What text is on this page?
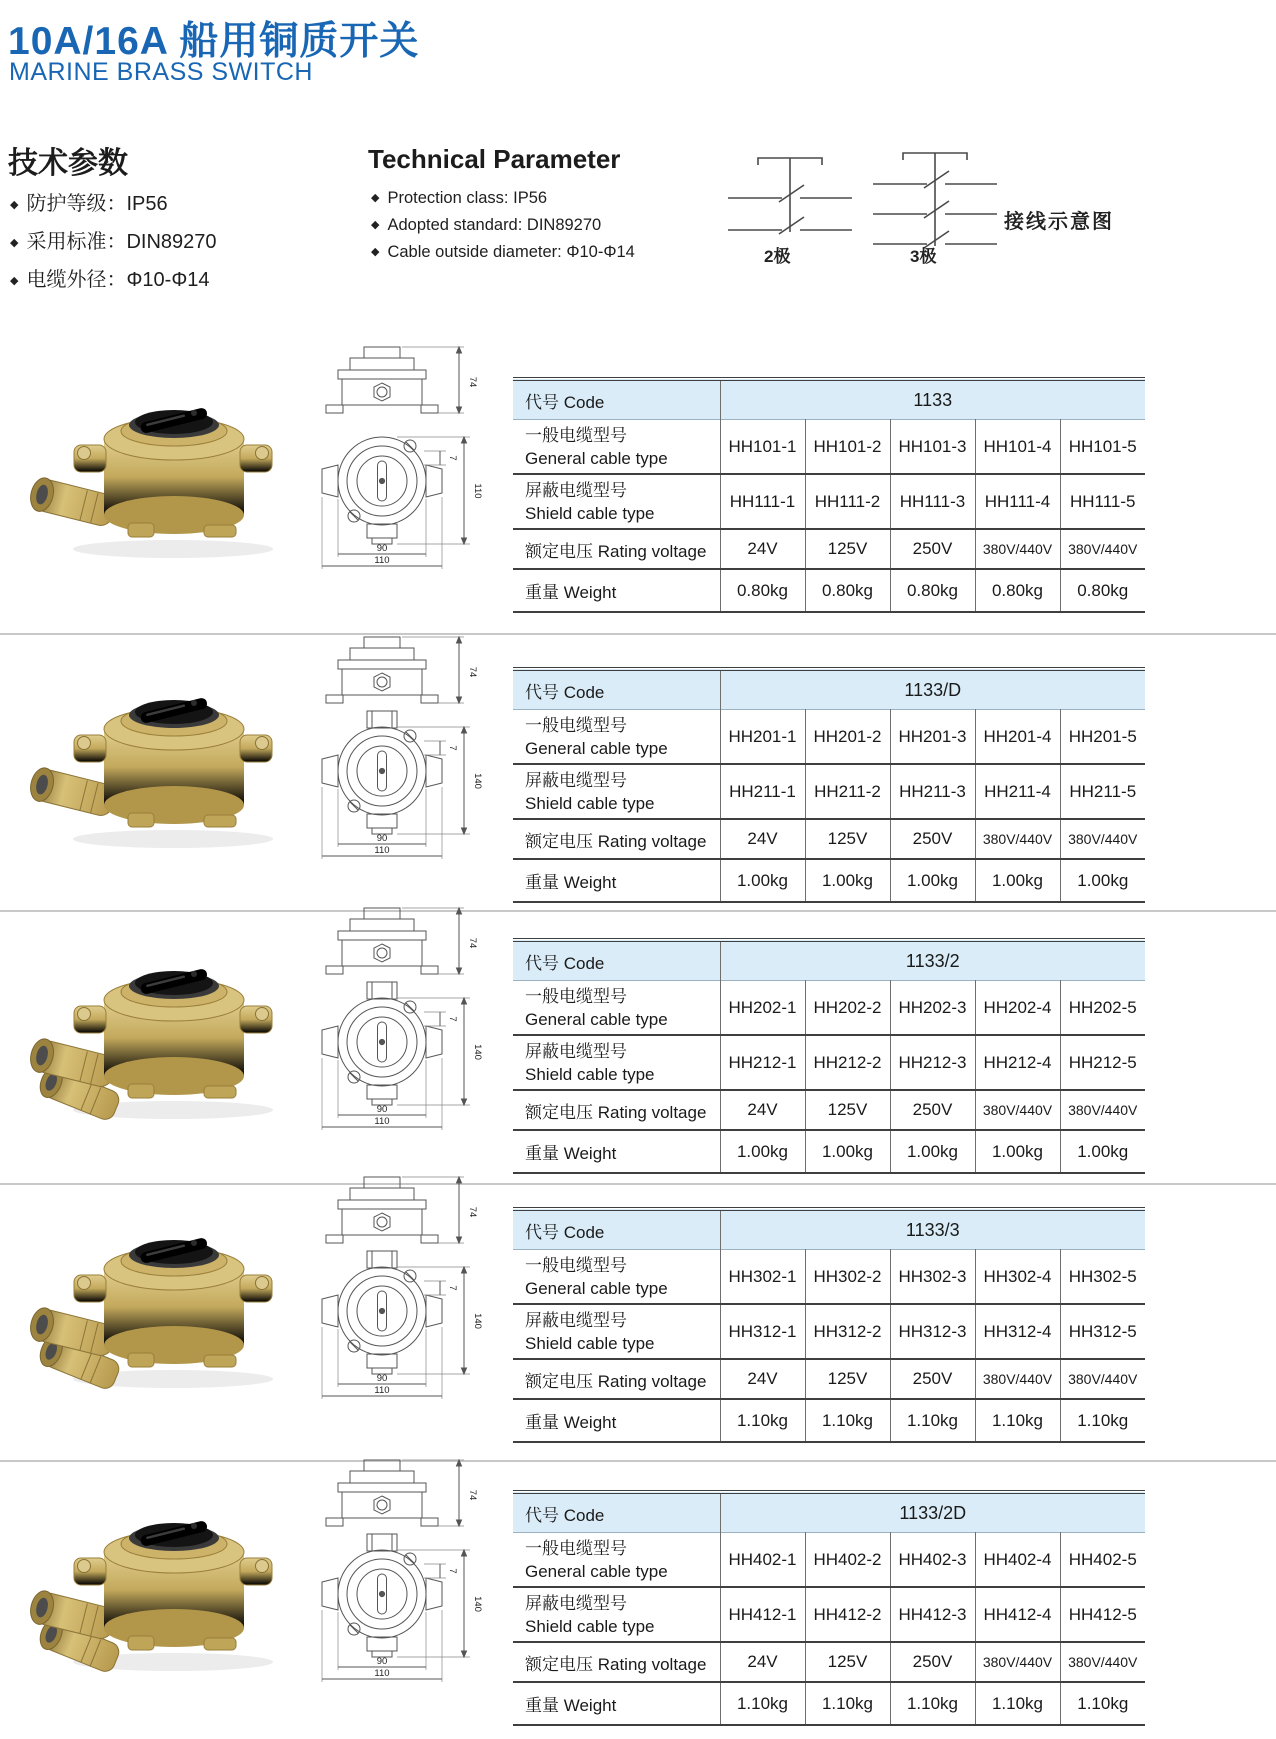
10A/16A 船用铜质开关
MARINE BRASS SWITCH
技术参数
◆ 防护等级：IP56
◆ 采用标准：DIN89270
◆ 电缆外径：Φ10-Φ14
Technical Parameter
◆ Protection class: IP56
◆ Adopted standard: DIN89270
◆ Cable outside diameter: Φ10-Φ14	2极	3极
接线示意图
74
7
110
90
110
代号 Code	1133				

一般电缆型号
General cable type	HH101-1	HH101-2	HH101-3	HH101-4	HH101-5

屏蔽电缆型号
Shield cable type	HH111-1	HH111-2	HH111-3	HH111-4	HH111-5
额定电压 Rating voltage	24V	125V	250V	380V/440V	380V/440V
重量 Weight	0.80kg	0.80kg	0.80kg	0.80kg	0.80kg
74
7
140
90
110
代号 Code	1133/D				

一般电缆型号
General cable type	HH201-1	HH201-2	HH201-3	HH201-4	HH201-5

屏蔽电缆型号
Shield cable type	HH211-1	HH211-2	HH211-3	HH211-4	HH211-5
额定电压 Rating voltage	24V	125V	250V	380V/440V	380V/440V
重量 Weight	1.00kg	1.00kg	1.00kg	1.00kg	1.00kg
74
7
140
90
110
代号 Code	1133/2				

一般电缆型号
General cable type	HH202-1	HH202-2	HH202-3	HH202-4	HH202-5

屏蔽电缆型号
Shield cable type	HH212-1	HH212-2	HH212-3	HH212-4	HH212-5
额定电压 Rating voltage	24V	125V	250V	380V/440V	380V/440V
重量 Weight	1.00kg	1.00kg	1.00kg	1.00kg	1.00kg
74
7
140
90
110
代号 Code	1133/3				

一般电缆型号
General cable type	HH302-1	HH302-2	HH302-3	HH302-4	HH302-5

屏蔽电缆型号
Shield cable type	HH312-1	HH312-2	HH312-3	HH312-4	HH312-5
额定电压 Rating voltage	24V	125V	250V	380V/440V	380V/440V
重量 Weight	1.10kg	1.10kg	1.10kg	1.10kg	1.10kg
74
7
140
90
110
代号 Code	1133/2D				

一般电缆型号
General cable type	HH402-1	HH402-2	HH402-3	HH402-4	HH402-5

屏蔽电缆型号
Shield cable type	HH412-1	HH412-2	HH412-3	HH412-4	HH412-5
额定电压 Rating voltage	24V	125V	250V	380V/440V	380V/440V
重量 Weight	1.10kg	1.10kg	1.10kg	1.10kg	1.10kg
